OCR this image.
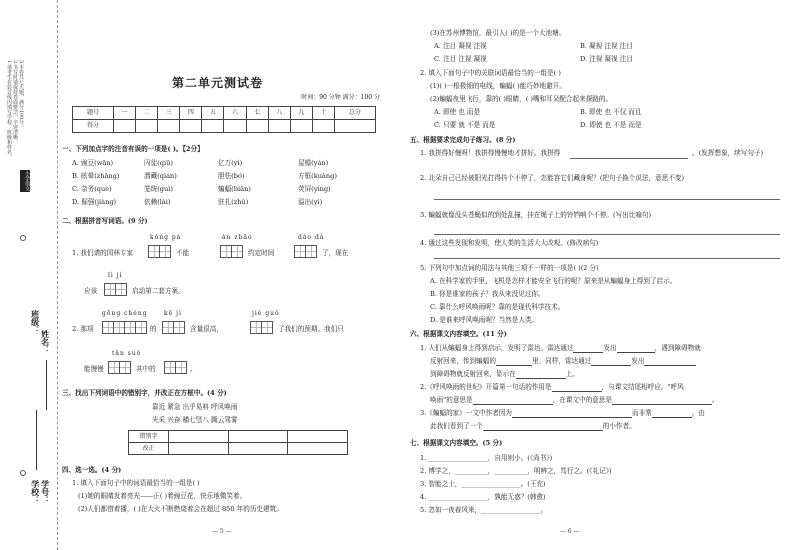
1.请考生在装订线内填写学校、班级和姓名。 2.书写时请保持卷面整洁，字迹清晰。 3.本卷共七大题，满分100分。
小学语文
班级：
姓名：
学校： 学号：
第二单元测试卷
时间：90 分钟 满分：100 分
题号	一	二	三	四	五	六	七	八	九	十	总分
得分											
一、下列加点字的注音有误的一项是( )。【2分】
A. 豌豆(wān)	闪徒(qiū)	亿万(yì)	屋檐(yán)
B. 眩晕(zhǎng)	潜藏(qián)	胆怯(bó)	方框(kuàng)
C. 杂务(què)	笼统(guì)	蝙蝠(biān)	荧屏(yíng)
D. 倔强(jiàng)	依赖(lài)	驻扎(zhǔ)	溢出(yì)
二、根据拼音写词语。(9 分)
kōng pà	àn zhāo	dào dá
1. 我们请的园林专家	不能	约定时间	了，现在
lì jí
应该	启动第二套方案。
gōng chéng	kē jì	jié guǒ
2. 那项	的	含量很高，	了我们的预期。我们只
tǎn suǒ
能慢慢	其中的	。
三、找出下列词语中的错别字，并改正在方框中。(4 分)
靠近 紧急 出乎易料 呼风唤雨
光采 兴奋 横七竖八 腾云驾雾
错别字			
改正			
四、选一选。(4 分)
1. 填入下面句子中的词语最恰当的一组是( )
(1)她的眼睛发着亮光——正( )着豌豆花，快乐地微笑着。
(2)人们都惜着播，( )在大火不断燃烧着会在超过 850 年的历史建筑。
— 5 —
(3)在苏州博物馆，最引人( )的是一个大池塘。
A. 注目 凝视 注视	B. 凝视 注视 注目
C. 注目 注视 凝视	D. 注视 凝视 注目
2. 填入下面句子中的关联词语最恰当的一组是( )
(1)( )一根极细的电线，蝙蝠( )能巧妙地避开。
(2)蝙蝠夜里飞行，靠的( )眼睛，( )嘴和耳朵配合起来探路的。
A. 即使 也 而是	B. 即使 也 不仅 而且
C. 只要 就 不是 而是	D. 即使 也 不是 而是
五、根据要求完成句子练习。(8 分)
1. 我拼得好慢呀！我拼得慢慢地才拼好。我拼得	。(发挥想象，续写句子)
2. 北朵自己已经被阳光打得抖个不停了，怎能容它们藏身呢？(把句子换个说法，意思不变)
3. 蝙蝠就像没头苍蝇似的到处乱撞，挂在绳子上的铃铛响个不停。(写出比喻句)
4. 通过这些发现和发明，使人类的生活大大改观。(修改病句)
5. 下列句中加点词的用法与其他三项不一样的一项是( )(2 分)
A. 在科学家的手里，飞机是怎样才能安全飞行的呢？原来是从蝙蝠身上得到了启示。
B. 你是谁家的孩子？我从来没见过你。
C. 靠什么呼风唤雨呢？靠的是现代科学技术。
D. 是谁来呼风唤雨呢？当然是人类。
六、根据课文内容填空。(11 分)
1. 人们从蝙蝠身上得到启示，发明了雷达。雷达通过	发出	，遇到障碍物就
反射回来，传到蝙蝠的	里。同样，雷达通过	发出
到障碍物就反射回来，显示在	上。
2.《呼风唤雨的世纪》开篇第一句话的作用是	，与课文结尾相呼应。"呼风
唤雨"的意思是	，在课文中的意思是	。
3.《蝙蝠的家》一文中作者因为	而非常	，由
此我们看到了一个	的小作者。
七、根据课文内容填空。(5 分)
1. __________________，自用则小。(《尚书》)
2. 博学之，__________，__________，明辨之，笃行之。(《礼记》)
3. 智能之士，__________________。(王充)
4. __________________，孰能无惑？(韩愈)
5. 忽如一夜春风来，__________________。
— 6 —
